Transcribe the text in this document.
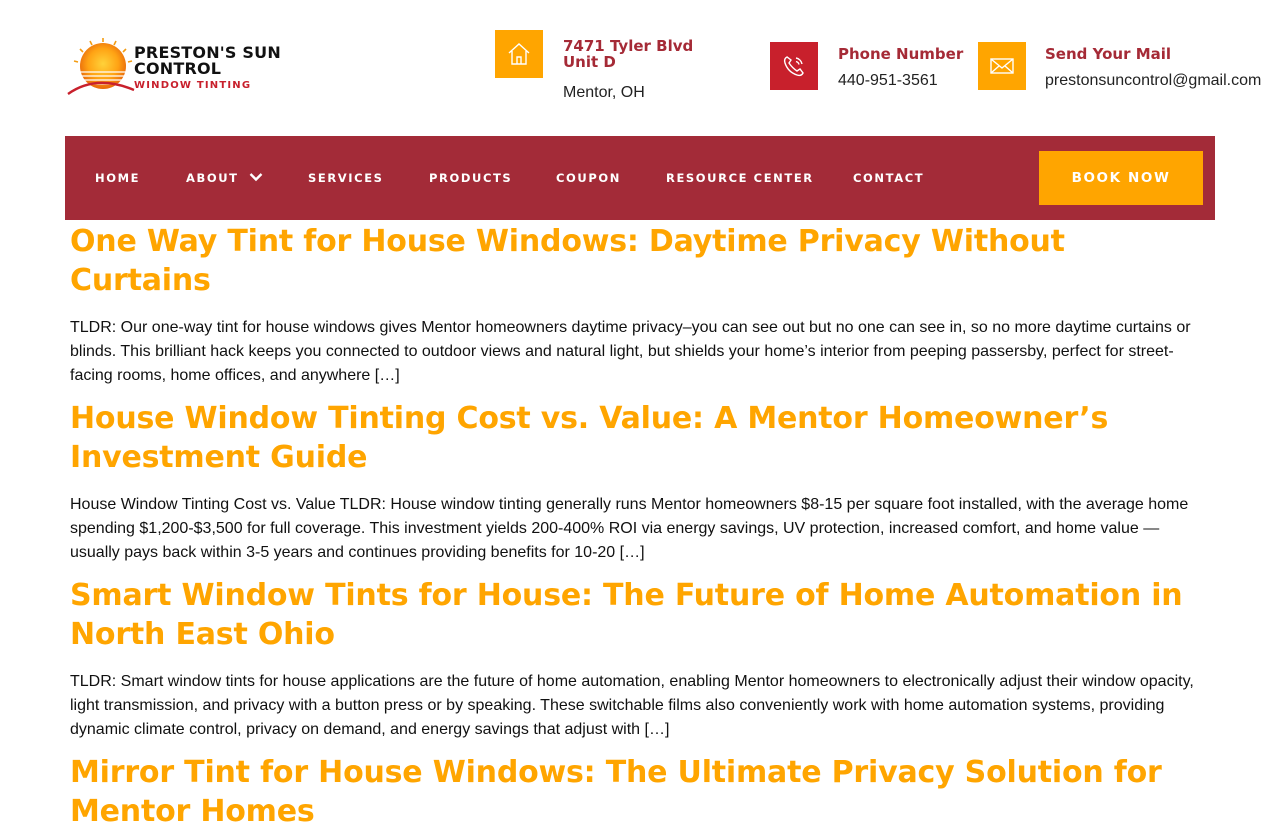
PRESTON'S SUN
CONTROL
WINDOW TINTING
7471 Tyler Blvd
Unit D
Mentor, OH
Phone Number
440-951-3561
Send Your Mail
prestonsuncontrol@gmail.com
HOME	ABOUT	SERVICES	PRODUCTS	COUPON	RESOURCE CENTER	CONTACT	BOOK NOW
One Way Tint for House Windows: Daytime Privacy Without Curtains

TLDR: Our one-way tint for house windows gives Mentor homeowners daytime privacy–you can see out but no one can see in, so no more daytime curtains or blinds. This brilliant hack keeps you connected to outdoor views and natural light, but shields your home’s interior from peeping passersby, perfect for street-facing rooms, home offices, and anywhere […]

House Window Tinting Cost vs. Value: A Mentor Homeowner’s Investment Guide

House Window Tinting Cost vs. Value TLDR: House window tinting generally runs Mentor homeowners $8-15 per square foot installed, with the average home spending $1,200-$3,500 for full coverage. This investment yields 200-400% ROI via energy savings, UV protection, increased comfort, and home value — usually pays back within 3-5 years and continues providing benefits for 10-20 […]

Smart Window Tints for House: The Future of Home Automation in North East Ohio

TLDR: Smart window tints for house applications are the future of home automation, enabling Mentor homeowners to electronically adjust their window opacity, light transmission, and privacy with a button press or by speaking. These switchable films also conveniently work with home automation systems, providing dynamic climate control, privacy on demand, and energy savings that adjust with […]

Mirror Tint for House Windows: The Ultimate Privacy Solution for Mentor Homes
